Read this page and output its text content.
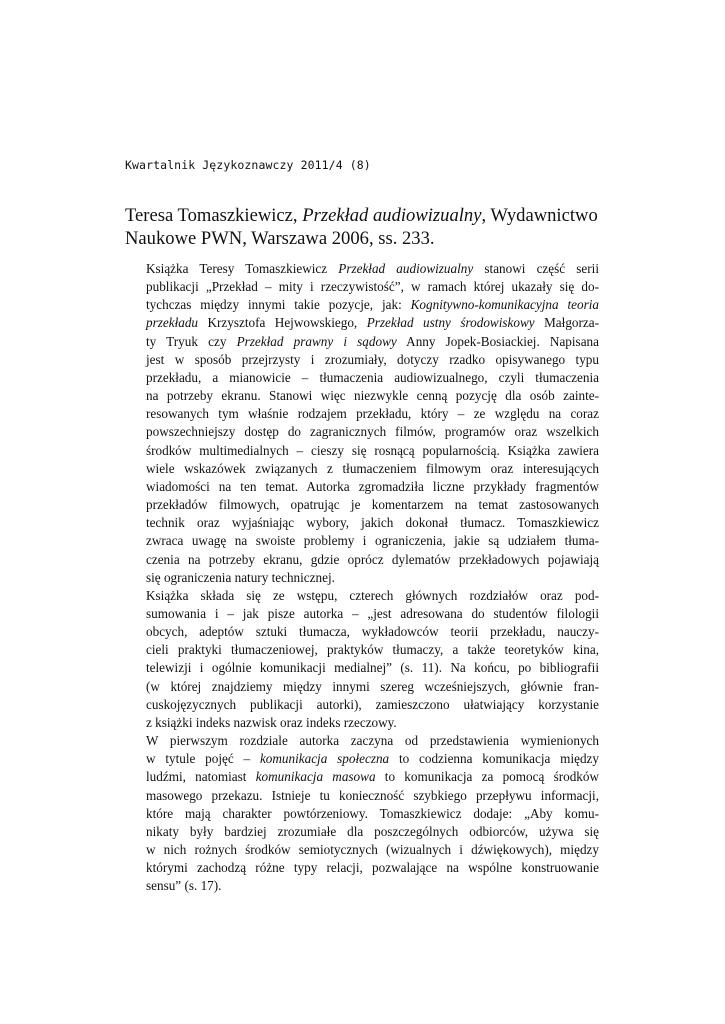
Kwartalnik Językoznawczy 2011/4 (8)
Teresa Tomaszkiewicz, Przekład audiowizualny, Wydawnictwo
Naukowe PWN, Warszawa 2006, ss. 233.

Książka Teresy Tomaszkiewicz Przekład audiowizualny stanowi część serii
publikacji „Przekład – mity i rzeczywistość”, w ramach której ukazały się do-
tychczas między innymi takie pozycje, jak: Kognitywno-komunikacyjna teoria
przekładu Krzysztofa Hejwowskiego, Przekład ustny środowiskowy Małgorza-
ty Tryuk czy Przekład prawny i sądowy Anny Jopek-Bosiackiej. Napisana
jest w sposób przejrzysty i zrozumiały, dotyczy rzadko opisywanego typu
przekładu, a mianowicie – tłumaczenia audiowizualnego, czyli tłumaczenia
na potrzeby ekranu. Stanowi więc niezwykle cenną pozycję dla osób zainte-
resowanych tym właśnie rodzajem przekładu, który – ze względu na coraz
powszechniejszy dostęp do zagranicznych filmów, programów oraz wszelkich
środków multimedialnych – cieszy się rosnącą popularnością. Książka zawiera
wiele wskazówek związanych z tłumaczeniem filmowym oraz interesujących
wiadomości na ten temat. Autorka zgromadziła liczne przykłady fragmentów
przekładów filmowych, opatrując je komentarzem na temat zastosowanych
technik oraz wyjaśniając wybory, jakich dokonał tłumacz. Tomaszkiewicz
zwraca uwagę na swoiste problemy i ograniczenia, jakie są udziałem tłuma-
czenia na potrzeby ekranu, gdzie oprócz dylematów przekładowych pojawiają
się ograniczenia natury technicznej.

Książka składa się ze wstępu, czterech głównych rozdziałów oraz pod-
sumowania i – jak pisze autorka – „jest adresowana do studentów filologii
obcych, adeptów sztuki tłumacza, wykładowców teorii przekładu, nauczy-
cieli praktyki tłumaczeniowej, praktyków tłumaczy, a także teoretyków kina,
telewizji i ogólnie komunikacji medialnej” (s. 11). Na końcu, po bibliografii
(w której znajdziemy między innymi szereg wcześniejszych, głównie fran-
cuskojęzycznych publikacji autorki), zamieszczono ułatwiający korzystanie
z książki indeks nazwisk oraz indeks rzeczowy.

W pierwszym rozdziale autorka zaczyna od przedstawienia wymienionych
w tytule pojęć – komunikacja społeczna to codzienna komunikacja między
ludźmi, natomiast komunikacja masowa to komunikacja za pomocą środków
masowego przekazu. Istnieje tu konieczność szybkiego przepływu informacji,
które mają charakter powtórzeniowy. Tomaszkiewicz dodaje: „Aby komu-
nikaty były bardziej zrozumiałe dla poszczególnych odbiorców, używa się
w nich rożnych środków semiotycznych (wizualnych i dźwiękowych), między
którymi zachodzą różne typy relacji, pozwalające na wspólne konstruowanie
sensu” (s. 17).
